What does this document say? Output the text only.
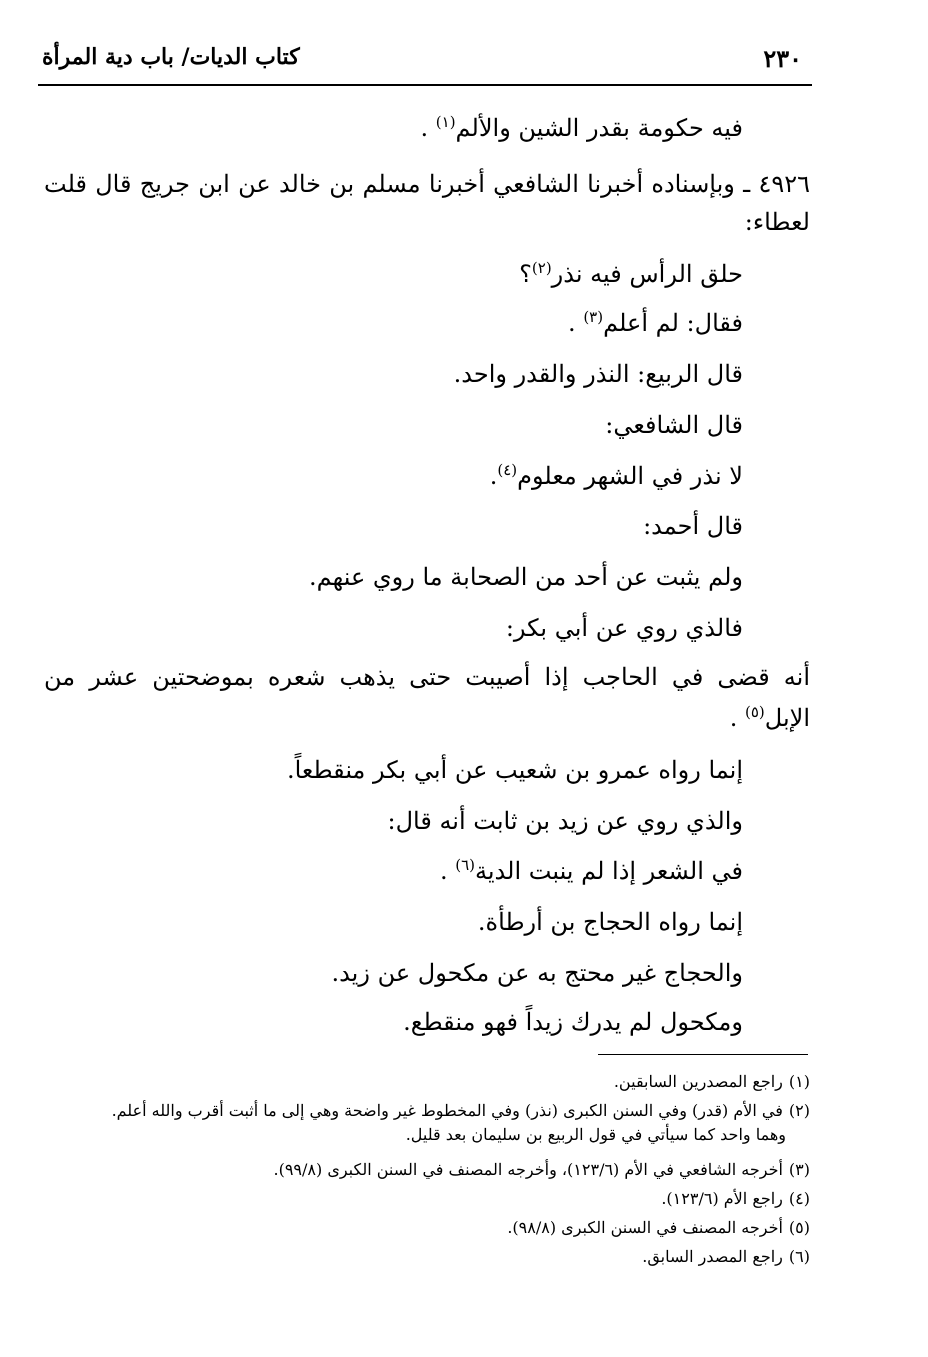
٢٣٠
كتاب الديات/ باب دية المرأة
فيه حكومة بقدر الشين والألم$^{(١)}$ .
٤٩٢٦ ـ وبإسناده أخبرنا الشافعي أخبرنا مسلم بن خالد عن ابن جريج قال قلت
لعطاء:
حلق الرأس فيه نذر$^{(٢)}$؟
فقال: لم أعلم$^{(٣)}$ .
قال الربيع: النذر والقدر واحد.
قال الشافعي:
لا نذر في الشهر معلوم$^{(٤)}$.
قال أحمد:
ولم يثبت عن أحد من الصحابة ما روي عنهم.
فالذي روي عن أبي بكر:
أنه قضى في الحاجب إذا أصيبت حتى يذهب شعره بموضحتين عشر من
الإبل$^{(٥)}$ .
إنما رواه عمرو بن شعيب عن أبي بكر منقطعاً.
والذي روي عن زيد بن ثابت أنه قال:
في الشعر إذا لم ينبت الدية$^{(٦)}$ .
إنما رواه الحجاج بن أرطأة.
والحجاج غير محتج به عن مكحول عن زيد.
ومكحول لم يدرك زيداً فهو منقطع.
(١)راجع المصدرين السابقين.
(٢)في الأم (قدر) وفي السنن الكبرى (نذر) وفي المخطوط غير واضحة وهي إلى ما أثبت أقرب والله أعلم.
وهما واحد كما سيأتي في قول الربيع بن سليمان بعد قليل.
(٣)أخرجه الشافعي في الأم (١٢٣/٦)، وأخرجه المصنف في السنن الكبرى (٩٩/٨).
(٤)راجع الأم (١٢٣/٦).
(٥)أخرجه المصنف في السنن الكبرى (٩٨/٨).
(٦)راجع المصدر السابق.
